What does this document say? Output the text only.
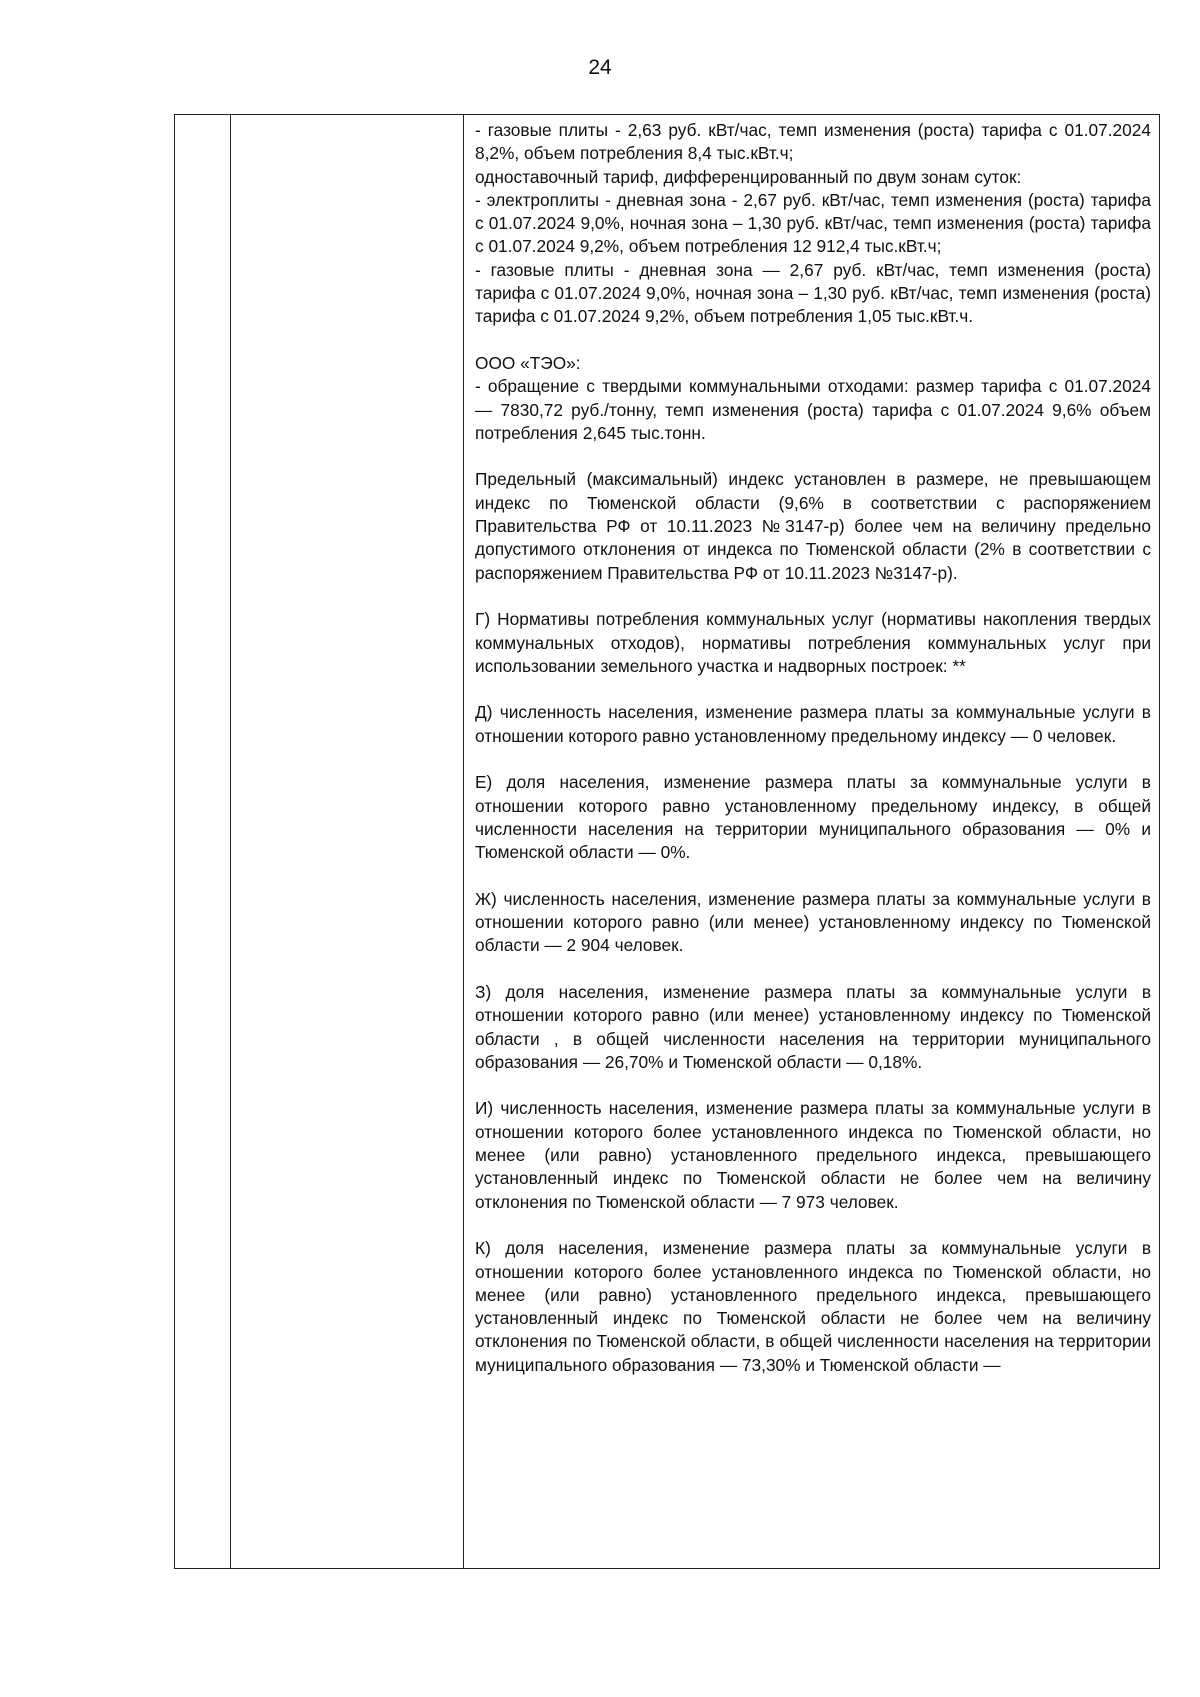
24

- газовые плиты - 2,63 руб. кВт/час, темп изменения (роста) тарифа с 01.07.2024 8,2%, объем потребления 8,4 тыс.кВт.ч;
одноставочный тариф, дифференцированный по двум зонам суток:
- электроплиты - дневная зона - 2,67 руб. кВт/час, темп изменения (роста) тарифа с 01.07.2024 9,0%, ночная зона – 1,30 руб. кВт/час, темп изменения (роста) тарифа с 01.07.2024 9,2%, объем потребления 12 912,4 тыс.кВт.ч;
- газовые плиты - дневная зона — 2,67 руб. кВт/час, темп изменения (роста) тарифа с 01.07.2024 9,0%, ночная зона – 1,30 руб. кВт/час, темп изменения (роста) тарифа с 01.07.2024 9,2%, объем потребления 1,05 тыс.кВт.ч.

ООО «ТЭО»:
- обращение с твердыми коммунальными отходами: размер тарифа с 01.07.2024 — 7830,72 руб./тонну, темп изменения (роста) тарифа с 01.07.2024 9,6% объем потребления 2,645 тыс.тонн.

Предельный (максимальный) индекс установлен в размере, не превышающем индекс по Тюменской области (9,6% в соответствии с распоряжением Правительства РФ от 10.11.2023 №3147-р) более чем на величину предельно допустимого отклонения от индекса по Тюменской области (2% в соответствии с распоряжением Правительства РФ от 10.11.2023 №3147-р).

Г) Нормативы потребления коммунальных услуг (нормативы накопления твердых коммунальных отходов), нормативы потребления коммунальных услуг при использовании земельного участка и надворных построек: **

Д) численность населения, изменение размера платы за коммунальные услуги в отношении которого равно установленному предельному индексу — 0 человек.

Е) доля населения, изменение размера платы за коммунальные услуги в отношении которого равно установленному предельному индексу, в общей численности населения на территории муниципального образования — 0% и Тюменской области — 0%.

Ж) численность населения, изменение размера платы за коммунальные услуги в отношении которого равно (или менее) установленному индексу по Тюменской области — 2 904 человек.

З) доля населения, изменение размера платы за коммунальные услуги в отношении которого равно (или менее) установленному индексу по Тюменской области , в общей численности населения на территории муниципального образования — 26,70% и Тюменской области — 0,18%.

И) численность населения, изменение размера платы за коммунальные услуги в отношении которого более установленного индекса по Тюменской области, но менее (или равно) установленного предельного индекса, превышающего установленный индекс по Тюменской области не более чем на величину отклонения по Тюменской области — 7 973 человек.

К) доля населения, изменение размера платы за коммунальные услуги в отношении которого более установленного индекса по Тюменской области, но менее (или равно) установленного предельного индекса, превышающего установленный индекс по Тюменской области не более чем на величину отклонения по Тюменской области, в общей численности населения на территории муниципального образования — 73,30% и Тюменской области —
